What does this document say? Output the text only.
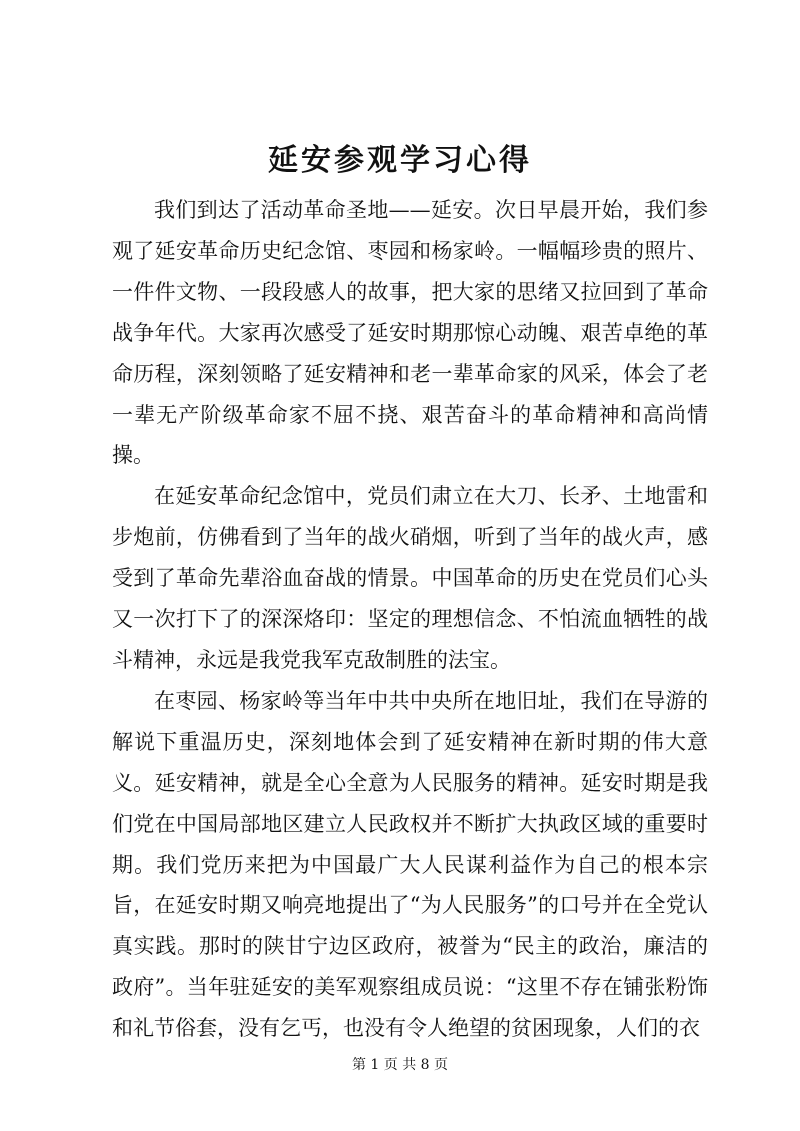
延安参观学习心得

我们到达了活动革命圣地——延安。次日早晨开始，我们参观了延安革命历史纪念馆、枣园和杨家岭。一幅幅珍贵的照片、一件件文物、一段段感人的故事，把大家的思绪又拉回到了革命战争年代。大家再次感受了延安时期那惊心动魄、艰苦卓绝的革命历程，深刻领略了延安精神和老一辈革命家的风采，体会了老一辈无产阶级革命家不屈不挠、艰苦奋斗的革命精神和高尚情操。

在延安革命纪念馆中，党员们肃立在大刀、长矛、土地雷和步炮前，仿佛看到了当年的战火硝烟，听到了当年的战火声，感受到了革命先辈浴血奋战的情景。中国革命的历史在党员们心头又一次打下了的深深烙印：坚定的理想信念、不怕流血牺牲的战斗精神，永远是我党我军克敌制胜的法宝。

在枣园、杨家岭等当年中共中央所在地旧址，我们在导游的解说下重温历史，深刻地体会到了延安精神在新时期的伟大意义。延安精神，就是全心全意为人民服务的精神。延安时期是我们党在中国局部地区建立人民政权并不断扩大执政区域的重要时期。我们党历来把为中国最广大人民谋利益作为自己的根本宗旨，在延安时期又响亮地提出了“为人民服务”的口号并在全党认真实践。那时的陕甘宁边区政府，被誉为“民主的政治，廉洁的政府”。当年驻延安的美军观察组成员说：“这里不存在铺张粉饰和礼节俗套，没有乞丐，也没有令人绝望的贫困现象，人们的衣

第 1 页 共 8 页
